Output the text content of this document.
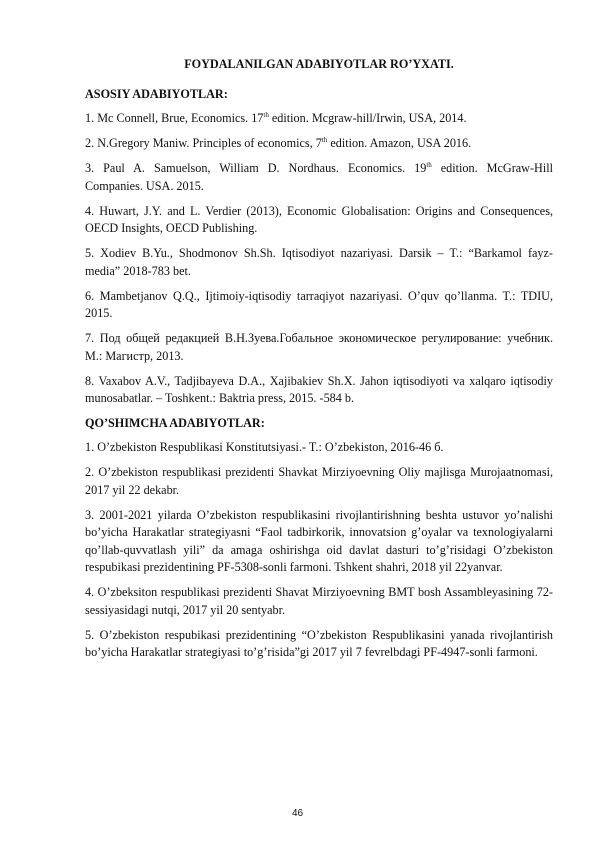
FOYDALANILGAN ADABIYOTLAR RO’YXATI.
ASOSIY ADABIYOTLAR:
1. Mc Connell, Brue, Economics. 17th edition. Mcgraw-hill/Irwin, USA, 2014.
2. N.Gregory Maniw. Principles of economics, 7th edition. Amazon, USA 2016.
3. Paul A. Samuelson, William D. Nordhaus. Economics. 19th edition. McGraw-Hill Companies. USA. 2015.
4. Huwart, J.Y. and L. Verdier (2013), Economic Globalisation: Origins and Consequences, OECD Insights, OECD Publishing.
5. Xodiev B.Yu., Shodmonov Sh.Sh. Iqtisodiyot nazariyasi. Darsik – T.: “Barkamol fayz-media” 2018-783 bet.
6. Mambetjanov Q.Q., Ijtimoiy-iqtisodiy tarraqiyot nazariyasi. O’quv qo’llanma. T.: TDIU, 2015.
7. Под общей редакцией В.Н.Зуева.Гобальное экономическое рeгулирование: учебник. М.: Магистр, 2013.
8. Vaxabov A.V., Tadjibayeva D.A., Xajibakiev Sh.X. Jahon iqtisodiyoti va xalqaro iqtisodiy munosabatlar. – Toshkent.: Baktria press, 2015. -584 b.
QO’SHIMCHA ADABIYOTLAR:
1. O’zbekiston Respublikasi Konstitutsiyasi.- T.: O’zbekiston, 2016-46 б.
2. O’zbekiston respublikasi prezidenti Shavkat Mirziyoevning Oliy majlisga Murojaatnomasi, 2017 yil 22 dekabr.
3. 2001-2021 yilarda O’zbekiston respublikasini rivojlantirishning beshta ustuvor yo’nalishi bo’yicha Harakatlar strategiyasni “Faol tadbirkorik, innovatsion g’oyalar va texnologiyalarni qo’llab-quvvatlash yili” da amaga oshirishga oid davlat dasturi to’g’risidagi O’zbekiston respubikasi prezidentining PF-5308-sonli farmoni. Tshkent shahri, 2018 yil 22yanvar.
4. O’zbeksiton respublikasi prezidenti Shavat Mirziyoevning BMT bosh Assambleyasining 72-sessiyasidagi nutqi, 2017 yil 20 sentyabr.
5. O’zbekiston respubikasi prezidentining “O’zbekiston Respublikasini yanada rivojlantirish bo’yicha Harakatlar strategiyasi to’g’risida”gi 2017 yil 7 fevrelbdagi PF-4947-sonli farmoni.
46
